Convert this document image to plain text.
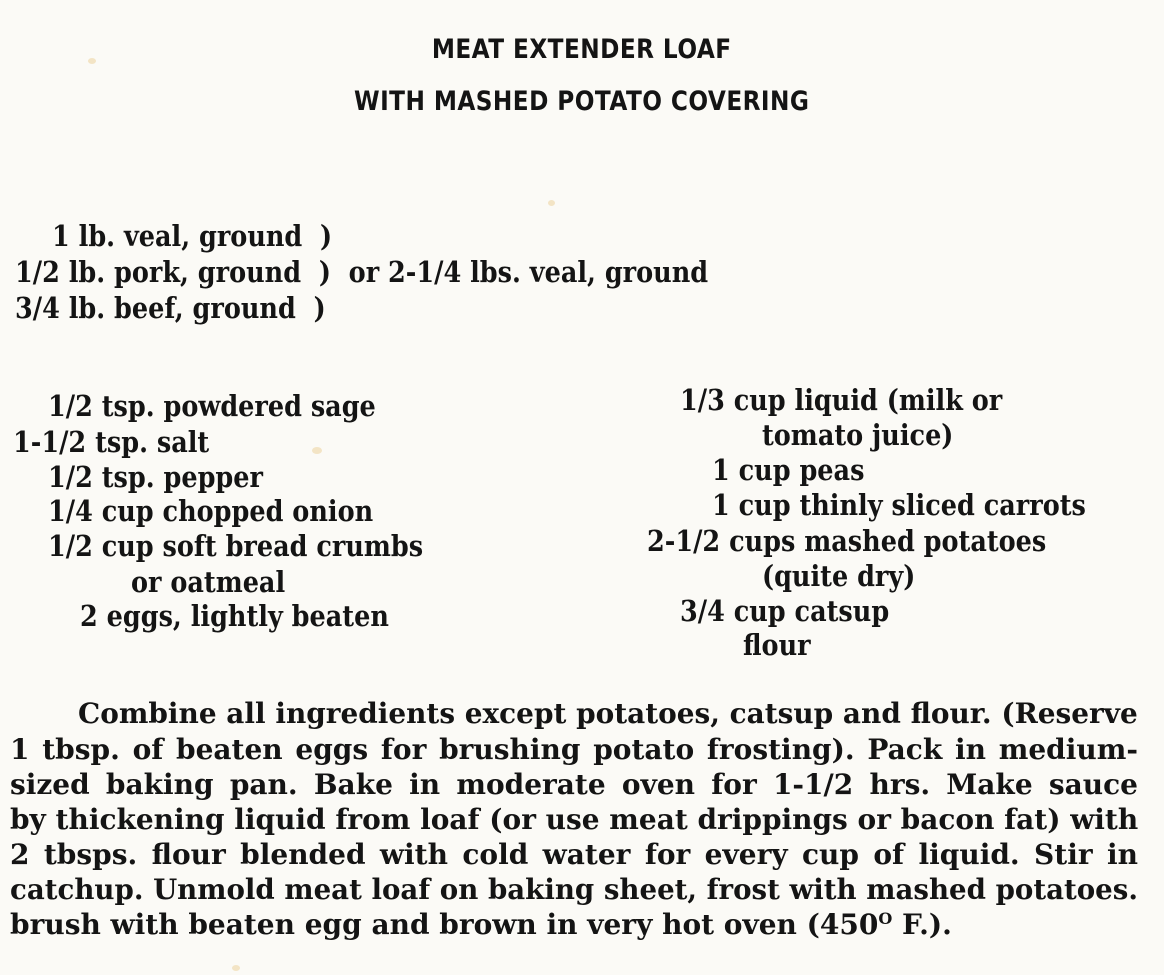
MEAT EXTENDER LOAF
WITH MASHED POTATO COVERING
1 lb. veal, ground  )
1/2 lb. pork, ground  )  or 2-1/4 lbs. veal, ground
3/4 lb. beef, ground  )
1/2 tsp. powdered sage
1-1/2 tsp. salt
1/2 tsp. pepper
1/4 cup chopped onion
1/2 cup soft bread crumbs
or oatmeal
2 eggs, lightly beaten
1/3 cup liquid (milk or
tomato juice)
1 cup peas
1 cup thinly sliced carrots
2-1/2 cups mashed potatoes
(quite dry)
3/4 cup catsup
flour
Combine all ingredients except potatoes, catsup and flour. (Reserve
1 tbsp. of beaten eggs for brushing potato frosting). Pack in medium-
sized baking pan. Bake in moderate oven for 1-1/2 hrs. Make sauce
by thickening liquid from loaf (or use meat drippings or bacon fat) with
2 tbsps. flour blended with cold water for every cup of liquid. Stir in
catchup. Unmold meat loaf on baking sheet, frost with mashed potatoes.
brush with beaten egg and brown in very hot oven ($450^O$ F.).
